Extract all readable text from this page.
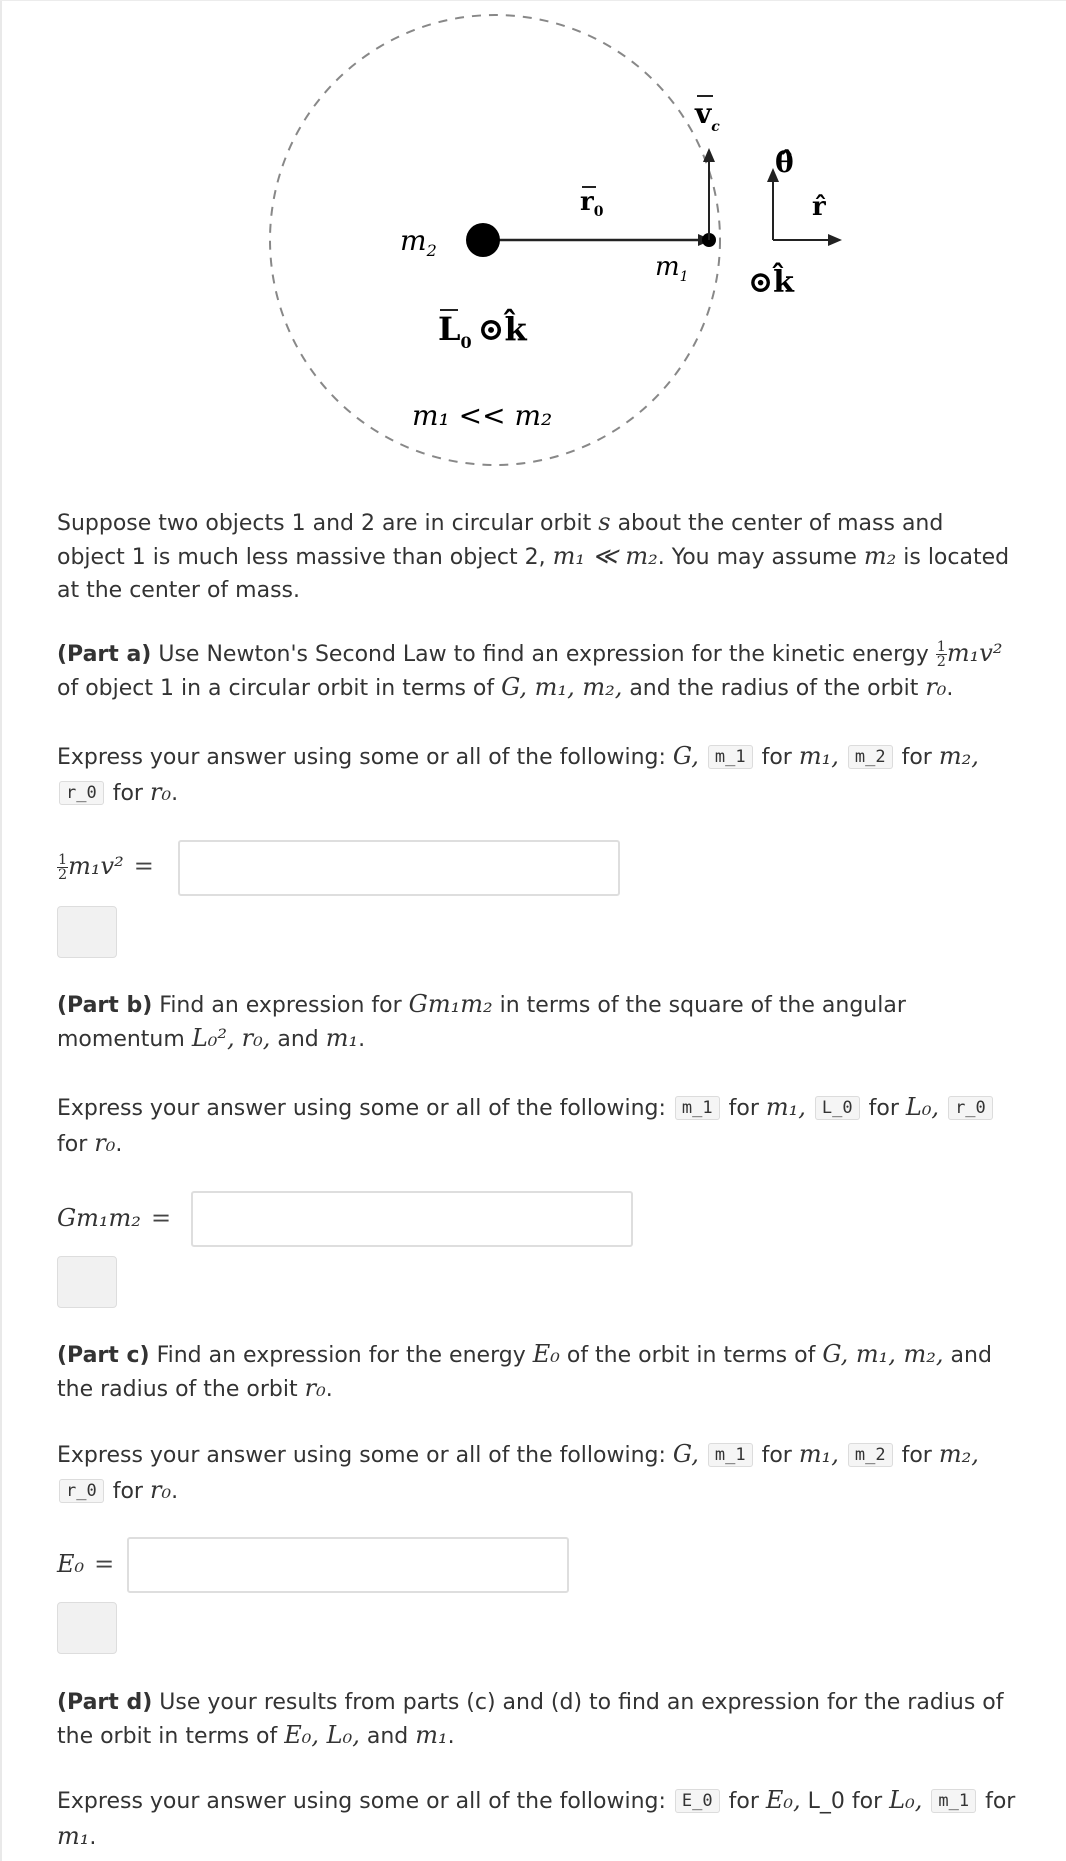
$m_2$
$r_0$
$m_1$
$v_c$
θ̂
r̂
⊙k̂
$L_0$ ⊙k̂
m₁ << m₂
Suppose two objects 1 and 2 are in circular orbit s about the center of mass and object 1 is much less massive than object 2, m₁ ≪ m₂. You may assume m₂ is located at the center of mass.
(Part a) Use Newton's Second Law to find an expression for the kinetic energy $\frac{1}{2} m_1v^2$ of object 1 in a circular orbit in terms of G, m₁, m₂, and the radius of the orbit r₀.
Express your answer using some or all of the following: G, m_1 for m₁, m_2 for m₂, r_0 for r₀.
$\frac{1}{2} m_1v^2$ =
(Part b) Find an expression for Gm₁m₂ in terms of the square of the angular momentum L₀², r₀, and m₁.
Express your answer using some or all of the following: m_1 for m₁, L_0 for L₀, r_0 for r₀.
Gm₁m₂ =
(Part c) Find an expression for the energy E₀ of the orbit in terms of G, m₁, m₂, and the radius of the orbit r₀.
Express your answer using some or all of the following: G, m_1 for m₁, m_2 for m₂, r_0 for r₀.
E₀ =
(Part d) Use your results from parts (c) and (d) to find an expression for the radius of the orbit in terms of E₀, L₀, and m₁.
Express your answer using some or all of the following: E_0 for E₀, L_0 for L₀, m_1 for m₁.
